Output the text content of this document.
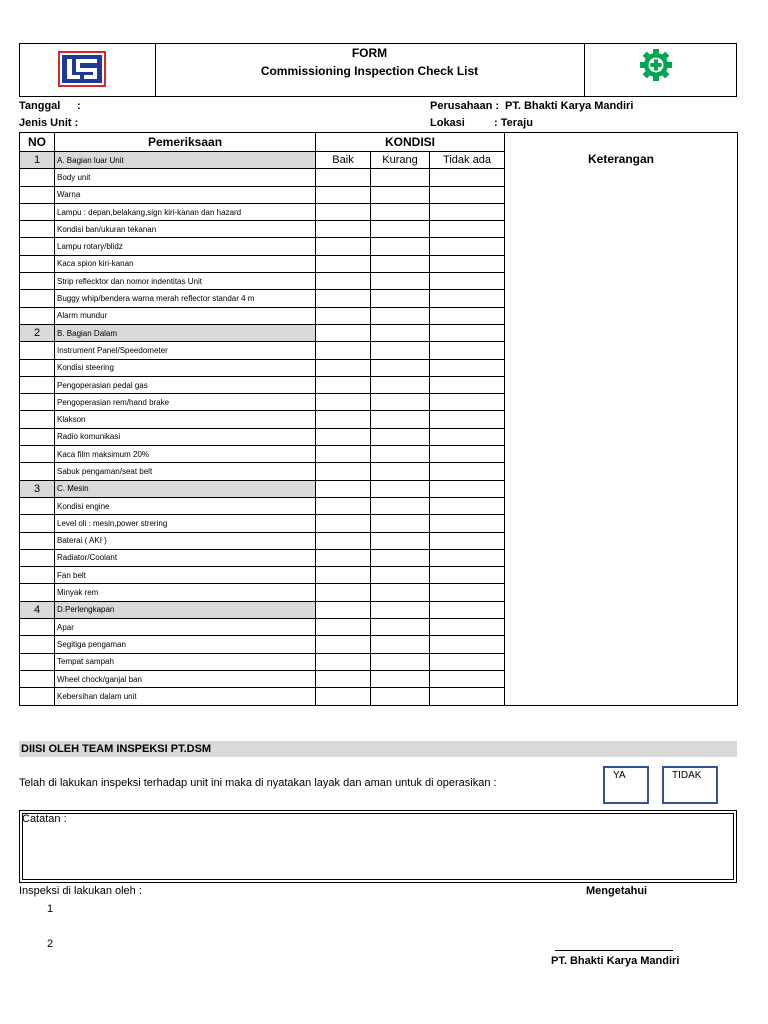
FORM
Commissioning Inspection Check List
Tanggal :
Jenis Unit :
Perusahaan : PT. Bhakti Karya Mandiri
Lokasi	: Teraju
NO	Pemeriksaan	KONDISI			Keterangan
1	A. Bagian luar Unit	Baik	Kurang	Tidak ada	
	Body unit				
	Warna				
	Lampu : depan,belakang,sign kiri-kanan dan hazard				
	Kondisi ban/ukuran tekanan				
	Lampu rotary/blidz				
	Kaca spion kiri-kanan				
	Strip reflecktor dan nomor indentitas Unit				
	Buggy whip/bendera warna merah reflector standar 4 m				
	Alarm mundur				
2	B. Bagian Dalam				
	Instrument Panel/Speedometer				
	Kondisi steering				
	Pengoperasian pedal gas				
	Pengoperasian rem/hand brake				
	Klakson				
	Radio komunikasi				
	Kaca film maksimum 20%				
	Sabuk pengaman/seat belt				
3	C. Mesin				
	Kondisi engine				
	Level oli : mesin,power strering				
	Baterai ( AKI )				
	Radiator/Coolant				
	Fan belt				
	Minyak rem				
4	D.Perlengkapan				
	Apar				
	Segitiga pengaman				
	Tempat sampah				
	Wheel chock/ganjal ban				
	Kebersihan dalam unit				
DIISI OLEH TEAM INSPEKSI PT.DSM
Telah di lakukan inspeksi terhadap unit ini maka di nyatakan layak dan aman untuk di operasikan :
YA	TIDAK
Catatan :
Inspeksi di lakukan oleh :	Mengetahui
1
2
PT. Bhakti Karya Mandiri
